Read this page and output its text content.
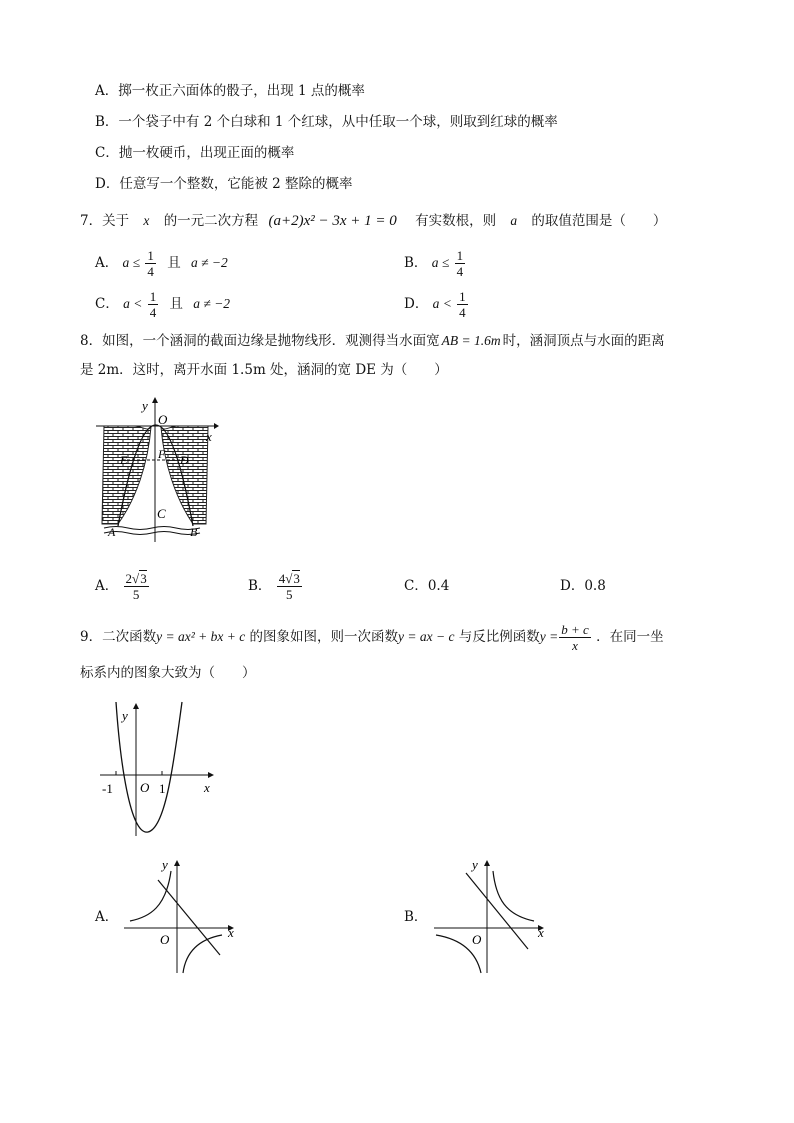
A．掷一枚正六面体的骰子，出现 1 点的概率
B．一个袋子中有 2 个白球和 1 个红球，从中任取一个球，则取到红球的概率
C．抛一枚硬币，出现正面的概率
D．任意写一个整数，它能被 2 整除的概率
7．关于 x 的一元二次方程 (a+2)x² − 3x + 1 = 0 有实数根，则 a 的取值范围是（　　）
A． $a \le \frac{1}{4}$ 且 a ≠ −2	B． $a \le \frac{1}{4}$
C． $a < \frac{1}{4}$ 且 a ≠ −2	D． $a < \frac{1}{4}$
8．如图，一个涵洞的截面边缘是抛物线形．观测得当水面宽 AB = 1.6m 时，涵洞顶点与水面的距离
是 2m．这时，离开水面 1.5m 处，涵洞的宽 DE 为（　　）
y
O
x
E	F D
C
A	B
A． $\frac{2√3}{5}$	B． $\frac{4√3}{5}$	C．0.4	D．0.8
9．二次函数y = ax² + bx + c 的图象如图，则一次函数y = ax − c 与反比例函数$y = \frac{b + c}{x}$ ．在同一坐
标系内的图象大致为（　　）
y
x
O
-1	1
A．
y
x
O
B．
y
x
O
